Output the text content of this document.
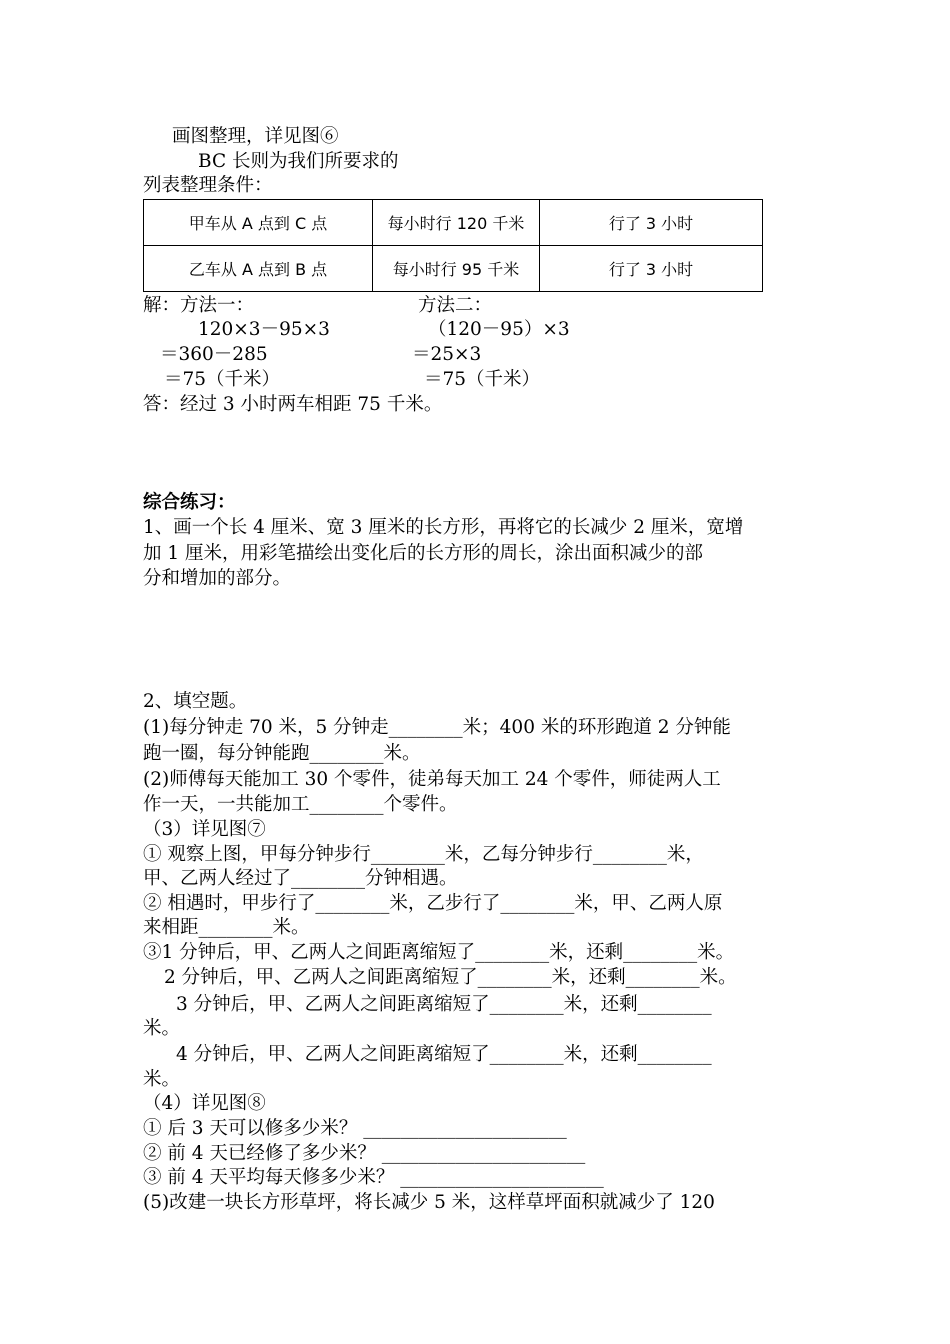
画图整理，详见图⑥
BC 长则为我们所要求的
列表整理条件：
甲车从 A 点到 C 点	每小时行 120 千米	行了 3 小时
乙车从 A 点到 B 点	每小时行 95 千米	行了 3 小时
解：方法一：	方法二：
120×3－95×3	（120－95）×3
＝360－285	＝25×3
＝75（千米）	＝75（千米）
答：经过 3 小时两车相距 75 千米。
综合练习：
1、画一个长 4 厘米、宽 3 厘米的长方形，再将它的长减少 2 厘米，宽增
加 1 厘米，用彩笔描绘出变化后的长方形的周长，涂出面积减少的部
分和增加的部分。
2、填空题。
(1)每分钟走 70 米，5 分钟走________米；400 米的环形跑道 2 分钟能
跑一圈，每分钟能跑________米。
(2)师傅每天能加工 30 个零件，徒弟每天加工 24 个零件，师徒两人工
作一天，一共能加工________个零件。
（3）详见图⑦
① 观察上图，甲每分钟步行________米，乙每分钟步行________米，
甲、乙两人经过了________分钟相遇。
② 相遇时，甲步行了________米，乙步行了________米，甲、乙两人原
来相距________米。
③1 分钟后，甲、乙两人之间距离缩短了________米，还剩________米。
2 分钟后，甲、乙两人之间距离缩短了________米，还剩________米。
3 分钟后，甲、乙两人之间距离缩短了________米，还剩________
米。
4 分钟后，甲、乙两人之间距离缩短了________米，还剩________
米。
（4）详见图⑧
① 后 3 天可以修多少米？ ______________________
② 前 4 天已经修了多少米？ ______________________
③ 前 4 天平均每天修多少米？ ______________________
(5)改建一块长方形草坪，将长减少 5 米，这样草坪面积就减少了 120
